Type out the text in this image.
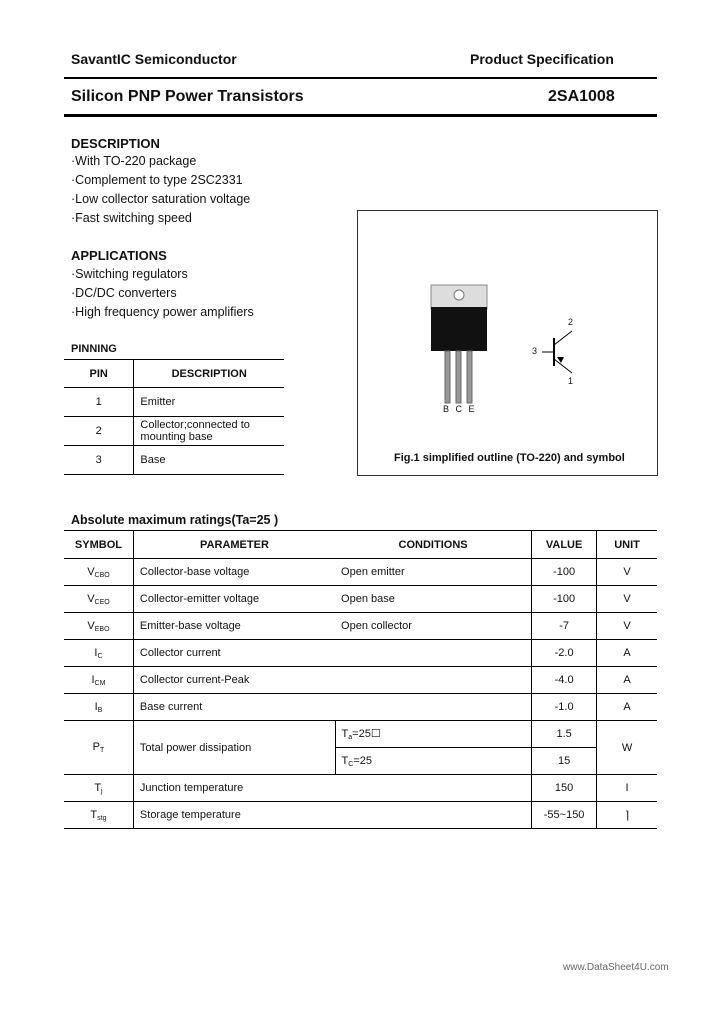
SavantIC Semiconductor	Product Specification
Silicon PNP Power Transistors	2SA1008
DESCRIPTION
·With TO-220 package
·Complement to type 2SC2331
·Low collector saturation voltage
·Fast switching speed
APPLICATIONS
·Switching regulators
·DC/DC converters
·High frequency power amplifiers
PINNING
PIN	DESCRIPTION
1	Emitter
2	Collector;connected to mounting base
3	Base
B C E
2
3
1
Fig.1 simplified outline (TO-220) and symbol
Absolute maximum ratings(Ta=25 )
SYMBOL	PARAMETER	CONDITIONS	VALUE	UNIT
$V_{CBO}$	Collector-base voltage	Open emitter	-100	V
$V_{CEO}$	Collector-emitter voltage	Open base	-100	V
$V_{EBO}$	Emitter-base voltage	Open collector	-7	V
$I_C$	Collector current		-2.0	A
$I_{CM}$	Collector current-Peak		-4.0	A
$I_B$	Base current		-1.0	A
$P_T$	Total power dissipation	$T_a=25☐$	1.5	W
		$T_C=25$	15	
$T_j$	Junction temperature		150	I
$T_{stg}$	Storage temperature		-55~150	⌉
www.DataSheet4U.com
